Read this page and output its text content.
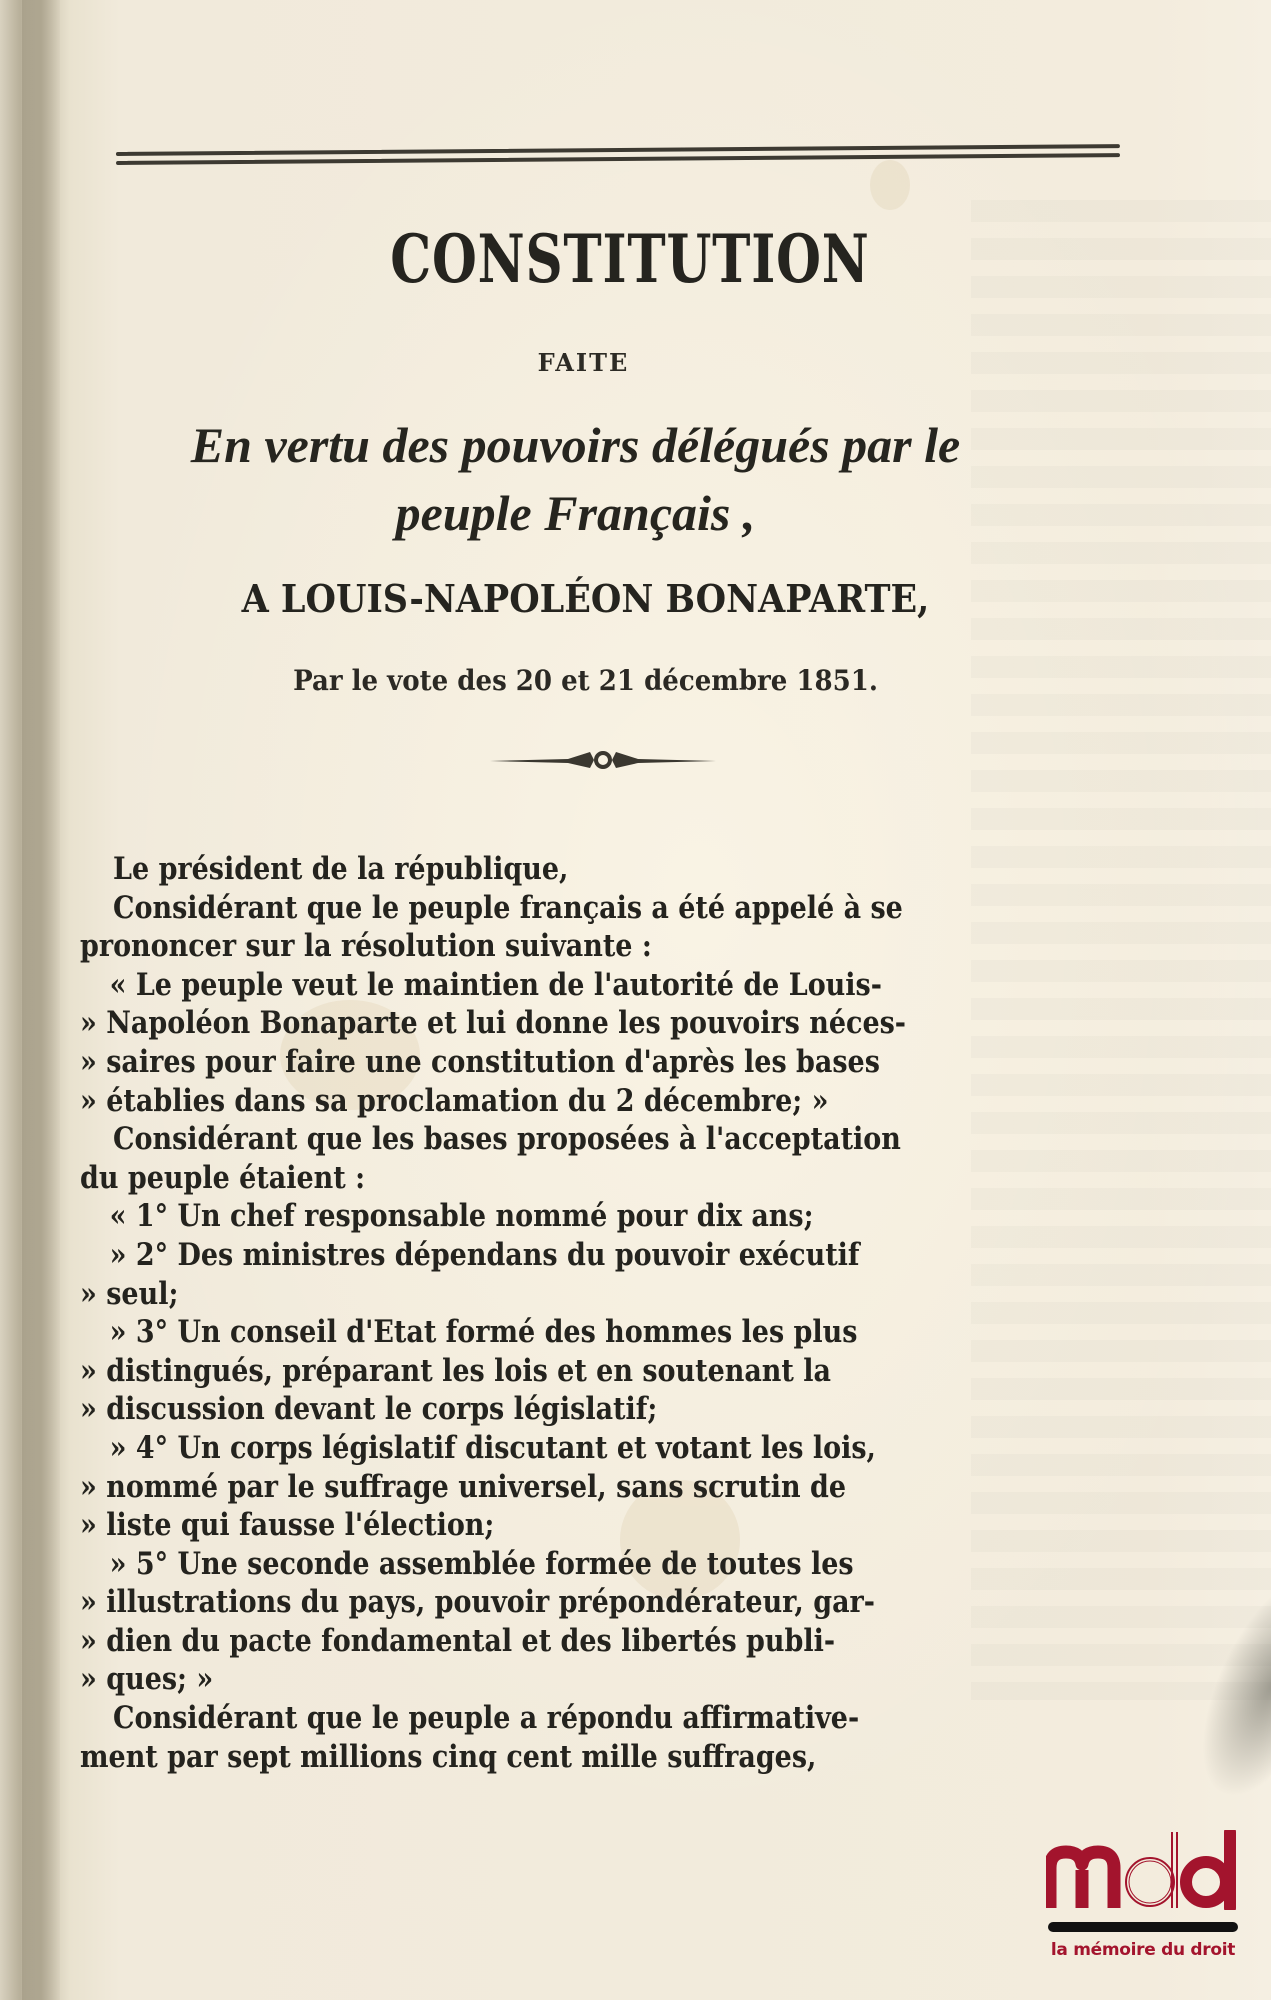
CONSTITUTION
FAITE
En vertu des pouvoirs délégués par le
peuple Français ,
A LOUIS-NAPOLÉON BONAPARTE,
Par le vote des 20 et 21 décembre 1851.
Le président de la république,
Considérant que le peuple français a été appelé à se
prononcer sur la résolution suivante :
« Le peuple veut le maintien de l'autorité de Louis-
» Napoléon Bonaparte et lui donne les pouvoirs néces-
» saires pour faire une constitution d'après les bases
» établies dans sa proclamation du 2 décembre; »
Considérant que les bases proposées à l'acceptation
du peuple étaient :
« 1° Un chef responsable nommé pour dix ans;
» 2° Des ministres dépendans du pouvoir exécutif
» seul;
» 3° Un conseil d'Etat formé des hommes les plus
» distingués, préparant les lois et en soutenant la
» discussion devant le corps législatif;
» 4° Un corps législatif discutant et votant les lois,
» nommé par le suffrage universel, sans scrutin de
» liste qui fausse l'élection;
» 5° Une seconde assemblée formée de toutes les
» illustrations du pays, pouvoir prépondérateur, gar-
» dien du pacte fondamental et des libertés publi-
» ques; »
Considérant que le peuple a répondu affirmative-
ment par sept millions cinq cent mille suffrages,
la mémoire du droit
